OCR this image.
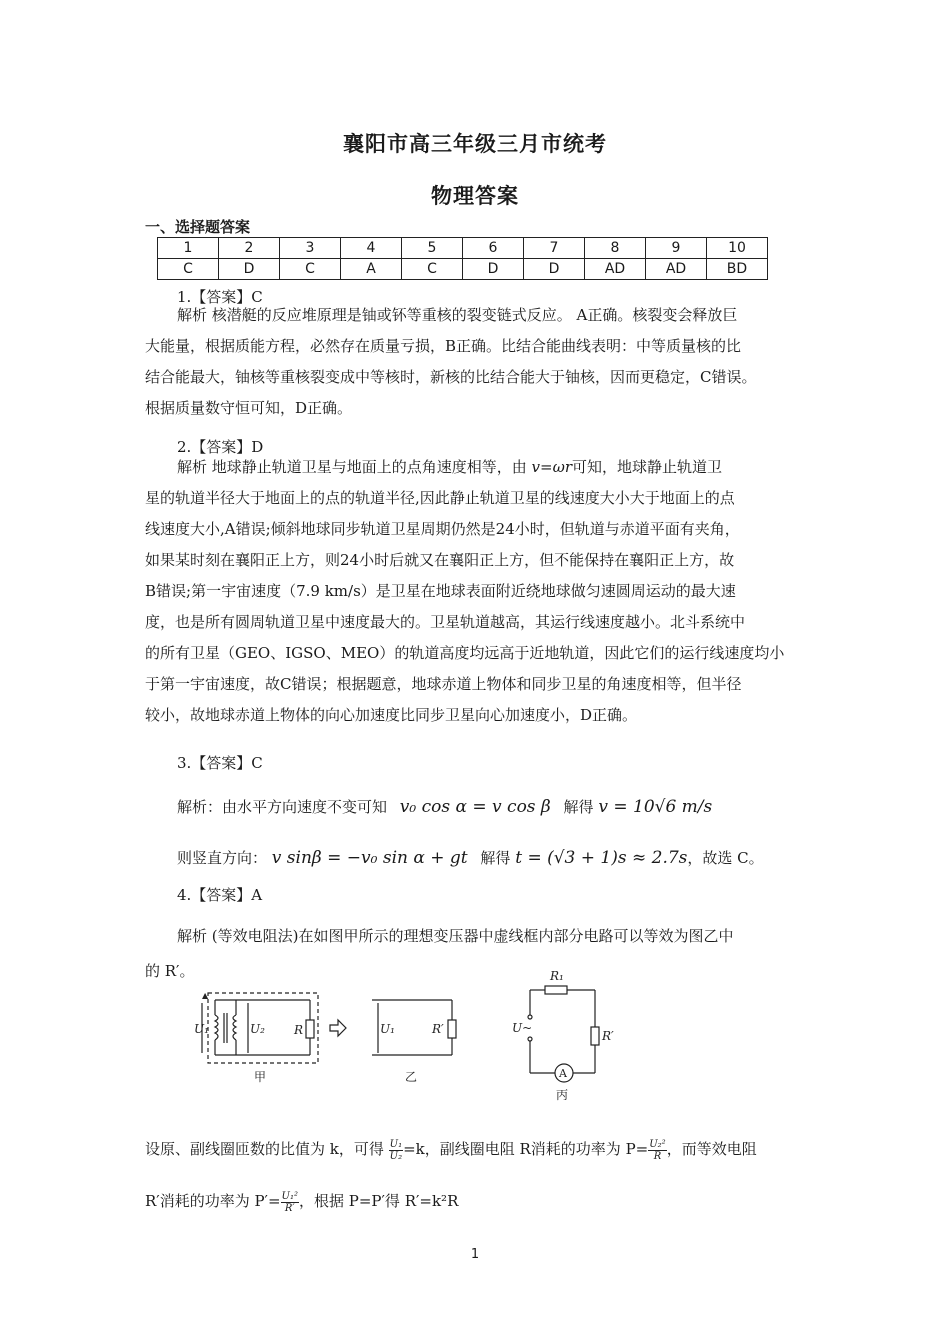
襄阳市高三年级三月市统考
物理答案
一、选择题答案
1	2	3	4	5	6	7	8	9	10
C	D	C	A	C	D	D	AD	AD	BD
1.【答案】C
解析 核潜艇的反应堆原理是铀或钚等重核的裂变链式反应。 A正确。核裂变会释放巨
大能量，根据质能方程，必然存在质量亏损，B正确。比结合能曲线表明：中等质量核的比
结合能最大，铀核等重核裂变成中等核时，新核的比结合能大于铀核，因而更稳定，C错误。
根据质量数守恒可知，D正确。
2.【答案】D
解析 地球静止轨道卫星与地面上的点角速度相等，由 v=ωr可知，地球静止轨道卫
星的轨道半径大于地面上的点的轨道半径,因此静止轨道卫星的线速度大小大于地面上的点
线速度大小,A错误;倾斜地球同步轨道卫星周期仍然是24小时，但轨道与赤道平面有夹角，
如果某时刻在襄阳正上方，则24小时后就又在襄阳正上方，但不能保持在襄阳正上方，故
B错误;第一宇宙速度（7.9 km/s）是卫星在地球表面附近绕地球做匀速圆周运动的最大速
度，也是所有圆周轨道卫星中速度最大的。卫星轨道越高，其运行线速度越小。北斗系统中
的所有卫星（GEO、IGSO、MEO）的轨道高度均远高于近地轨道，因此它们的运行线速度均小
于第一宇宙速度，故C错误；根据题意，地球赤道上物体和同步卫星的角速度相等，但半径
较小，故地球赤道上物体的向心加速度比同步卫星向心加速度小，D正确。
3.【答案】C
解析：由水平方向速度不变可知 v₀ cos α = v cos β 解得 v = 10√6 m/s
则竖直方向： v sinβ = −v₀ sin α + gt 解得 t = (√3 + 1)s ≈ 2.7s，故选 C。
4.【答案】A
解析 (等效电阻法)在如图甲所示的理想变压器中虚线框内部分电路可以等效为图乙中
的 R′。
▲
U₁	U₂ R
甲
U₁	R′
乙
R₁
U~
R′
A
丙
设原、副线圈匝数的比值为 k，可得 $\frac{\text{U₁}}{\text{U₂}} =k$，副线圈电阻 R消耗的功率为 $P= \frac{\text{U₂²}}{R}$ ，而等效电阻
R′消耗的功率为 $P'= \frac{\text{U₁²}}{R'}$ ，根据 P=P′得 R′=k²R
1
